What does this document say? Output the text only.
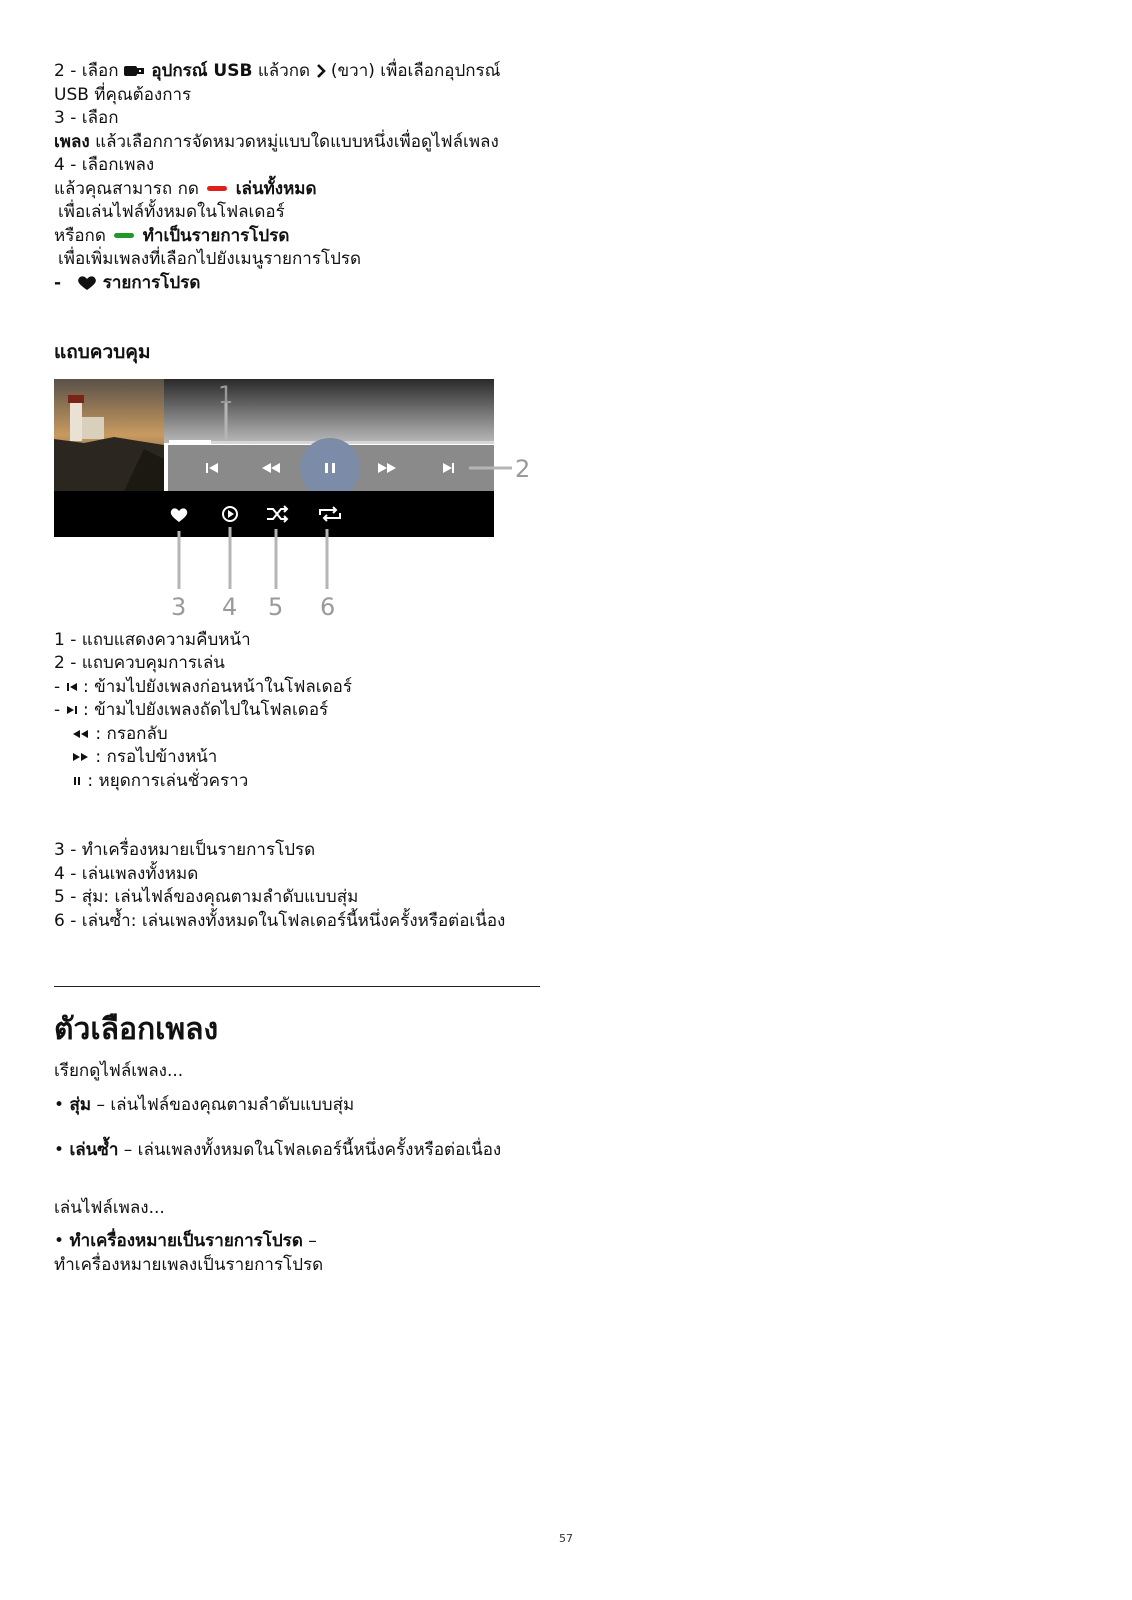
2 - เลือก อุปกรณ์ USB แล้วกด (ขวา) เพื่อเลือกอุปกรณ์
USB ที่คุณต้องการ
3 - เลือก
เพลง แล้วเลือกการจัดหมวดหมู่แบบใดแบบหนึ่งเพื่อดูไฟล์เพลง
4 - เลือกเพลง
แล้วคุณสามารถ กด เล่นทั้งหมด
เพื่อเล่นไฟล์ทั้งหมดในโฟลเดอร์
หรือกด ทำเป็นรายการโปรด
เพื่อเพิ่มเพลงที่เลือกไปยังเมนูรายการโปรด
- รายการโปรด
แถบควบคุม
1
2
3 4 5 6
1 - แถบแสดงความคืบหน้า
2 - แถบควบคุมการเล่น
- : ข้ามไปยังเพลงก่อนหน้าในโฟลเดอร์
- : ข้ามไปยังเพลงถัดไปในโฟลเดอร์
: กรอกลับ
: กรอไปข้างหน้า
: หยุดการเล่นชั่วคราว
3 - ทำเครื่องหมายเป็นรายการโปรด
4 - เล่นเพลงทั้งหมด
5 - สุ่ม: เล่นไฟล์ของคุณตามลำดับแบบสุ่ม
6 - เล่นซ้ำ: เล่นเพลงทั้งหมดในโฟลเดอร์นี้หนึ่งครั้งหรือต่อเนื่อง
ตัวเลือกเพลง
เรียกดูไฟล์เพลง...
• สุ่ม – เล่นไฟล์ของคุณตามลำดับแบบสุ่ม
• เล่นซ้ำ – เล่นเพลงทั้งหมดในโฟลเดอร์นี้หนึ่งครั้งหรือต่อเนื่อง
เล่นไฟล์เพลง...
• ทำเครื่องหมายเป็นรายการโปรด –
ทำเครื่องหมายเพลงเป็นรายการโปรด
57
